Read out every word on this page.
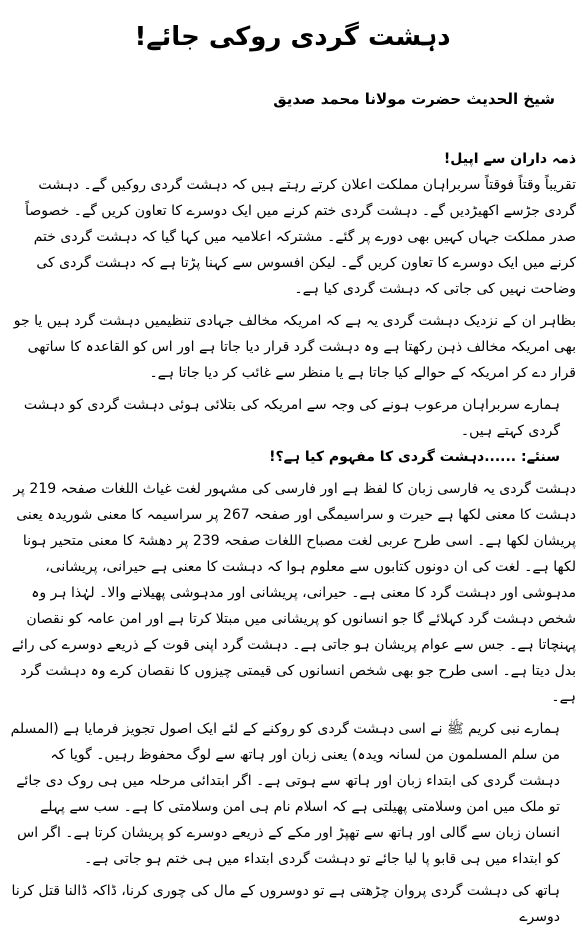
دہشت گردی روکی جائے!
شیخ الحدیث حضرت مولانا محمد صدیق

ذمہ داران سے اپیل!

تقریباً وقتاً فوقتاً سربراہان مملکت اعلان کرتے رہتے ہیں کہ دہشت گردی روکیں گے۔ دہشت گردی جڑسے اکھیڑدیں گے۔ دہشت گردی ختم کرنے میں ایک دوسرے کا تعاون کریں گے۔ خصوصاً صدر مملکت جہاں کہیں بھی دورے پر گئے۔ مشترکہ اعلامیہ میں کہا گیا کہ دہشت گردی ختم کرنے میں ایک دوسرے کا تعاون کریں گے۔ لیکن افسوس سے کہنا پڑتا ہے کہ دہشت گردی کی وضاحت نہیں کی جاتی کہ دہشت گردی کیا ہے۔

بظاہر ان کے نزدیک دہشت گردی یہ ہے کہ امریکہ مخالف جہادی تنظیمیں دہشت گرد ہیں یا جو بھی امریکہ مخالف ذہن رکھتا ہے وہ دہشت گرد قرار دیا جاتا ہے اور اس کو القاعدہ کا ساتھی قرار دے کر امریکہ کے حوالے کیا جاتا ہے یا منظر سے غائب کر دیا جاتا ہے۔

ہمارے سربراہان مرعوب ہونے کی وجہ سے امریکہ کی بتلائی ہوئی دہشت گردی کو دہشت گردی کہتے ہیں۔

سنئے: ......دہشت گردی کا مفہوم کیا ہے؟!

دہشت گردی یہ فارسی زبان کا لفظ ہے اور فارسی کی مشہور لغت غیاث اللغات صفحہ 219 پر دہشت کا معنی لکھا ہے حیرت و سراسیمگی اور صفحہ 267 پر سراسیمہ کا معنی شوریدہ یعنی پریشان لکھا ہے۔ اسی طرح عربی لغت مصباح اللغات صفحہ 239 پر دھشۃ کا معنی متحیر ہونا لکھا ہے۔ لغت کی ان دونوں کتابوں سے معلوم ہوا کہ دہشت کا معنی ہے حیرانی، پریشانی، مدہوشی اور دہشت گرد کا معنی ہے۔ حیرانی، پریشانی اور مدہوشی پھیلانے والا۔ لہٰذا ہر وہ شخص دہشت گرد کہلائے گا جو انسانوں کو پریشانی میں مبتلا کرتا ہے اور امن عامہ کو نقصان پہنچاتا ہے۔ جس سے عوام پریشان ہو جاتی ہے۔ دہشت گرد اپنی قوت کے ذریعے دوسرے کی رائے بدل دیتا ہے۔ اسی طرح جو بھی شخص انسانوں کی قیمتی چیزوں کا نقصان کرے وہ دہشت گرد ہے۔

ہمارے نبی کریم ﷺ نے اسی دہشت گردی کو روکنے کے لئے ایک اصول تجویز فرمایا ہے (المسلم من سلم المسلمون من لسانہ ویدہ) یعنی زبان اور ہاتھ سے لوگ محفوظ رہیں۔ گویا کہ دہشت گردی کی ابتداء زبان اور ہاتھ سے ہوتی ہے۔ اگر ابتدائی مرحلہ میں ہی روک دی جائے تو ملک میں امن وسلامتی پھیلتی ہے کہ اسلام نام ہی امن وسلامتی کا ہے۔ سب سے پہلے انسان زبان سے گالی اور ہاتھ سے تھپڑ اور مکے کے ذریعے دوسرے کو پریشان کرتا ہے۔ اگر اس کو ابتداء میں ہی قابو پا لیا جائے تو دہشت گردی ابتداء میں ہی ختم ہو جاتی ہے۔

ہاتھ کی دہشت گردی پروان چڑھتی ہے تو دوسروں کے مال کی چوری کرنا، ڈاکہ ڈالنا قتل کرنا دوسرے
